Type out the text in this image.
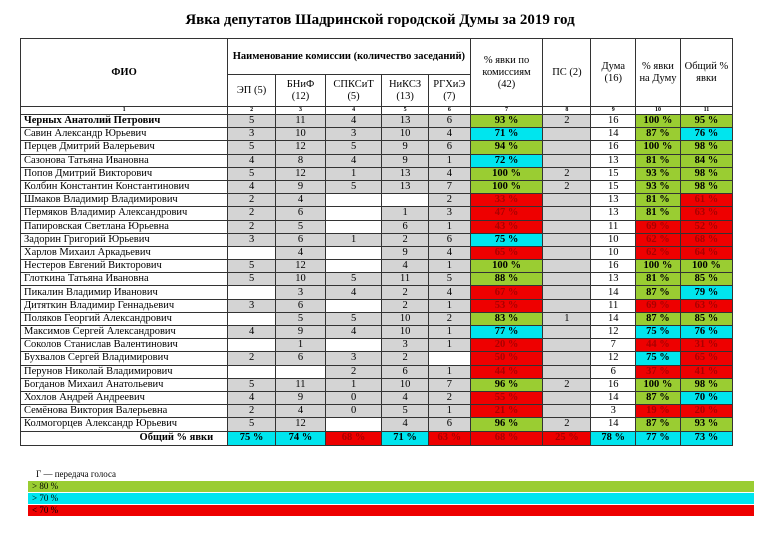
Явка депутатов Шадринской городской Думы за 2019 год
ФИО	Наименование комиссии (количество заседаний)					% явки по комиссиям (42)	ПС (2)	Дума (16)	% явки на Думу	Общий % явки
	ЭП (5)	БНиФ (12)	СПКСиТ (5)	НиКСЗ (13)	РГХиЭ (7)					
1	2	3	4	5	6	7	8	9	10	11
Черных Анатолий Петрович	5	11	4	13	6	93 %	2	16	100 %	95 %
Савин Александр Юрьевич	3	10	3	10	4	71 %		14	87 %	76 %
Перцев Дмитрий Валерьевич	5	12	5	9	6	94 %		16	100 %	98 %
Сазонова Татьяна Ивановна	4	8	4	9	1	72 %		13	81 %	84 %
Попов Дмитрий Викторович	5	12	1	13	4	100 %	2	15	93 %	98 %
Колбин Константин Константинович	4	9	5	13	7	100 %	2	15	93 %	98 %
Шмаков Владимир Владимирович	2	4			2	33 %		13	81 %	61 %
Пермяков Владимир Александрович	2	6		1	3	47 %		13	81 %	63 %
Папировская Светлана Юрьевна	2	5		6	1	43 %		11	69 %	52 %
Задорин Григорий Юрьевич	3	6	1	2	6	75 %		10	62 %	68 %
Харлов Михаил Аркадьевич		4		9	4	65 %		10	62 %	64 %
Нестеров Евгений Викторович	5	12		4	1	100 %		16	100 %	100 %
Глоткина Татьяна Ивановна	5	10	5	11	5	88 %		13	81 %	85 %
Пикалин Владимир Иванович		3	4	2	4	67 %		14	87 %	79 %
Дитяткин Владимир Геннадьевич	3	6		2	1	53 %		11	69 %	63 %
Поляков Георгий Александрович		5	5	10	2	83 %	1	14	87 %	85 %
Максимов Сергей Александрович	4	9	4	10	1	77 %		12	75 %	76 %
Соколов Станислав Валентинович		1		3	1	20 %		7	44 %	31 %
Бухвалов Сергей Владимирович	2	6	3	2		50 %		12	75 %	65 %
Перунов Николай Владимирович			2	6	1	44 %		6	37 %	41 %
Богданов Михаил Анатольевич	5	11	1	10	7	96 %	2	16	100 %	98 %
Хохлов Андрей Андреевич	4	9	0	4	2	55 %		14	87 %	70 %
Семёнова Виктория Валерьевна	2	4	0	5	1	21 %		3	19 %	20 %
Колмогорцев Александр Юрьевич	5	12		4	6	96 %	2	14	87 %	93 %
Общий % явки	75 %	74 %	68 %	71 %	63 %	68 %	25 %	78 %	77 %	73 %
Г — передача голоса
> 80 %
> 70 %
< 70 %
